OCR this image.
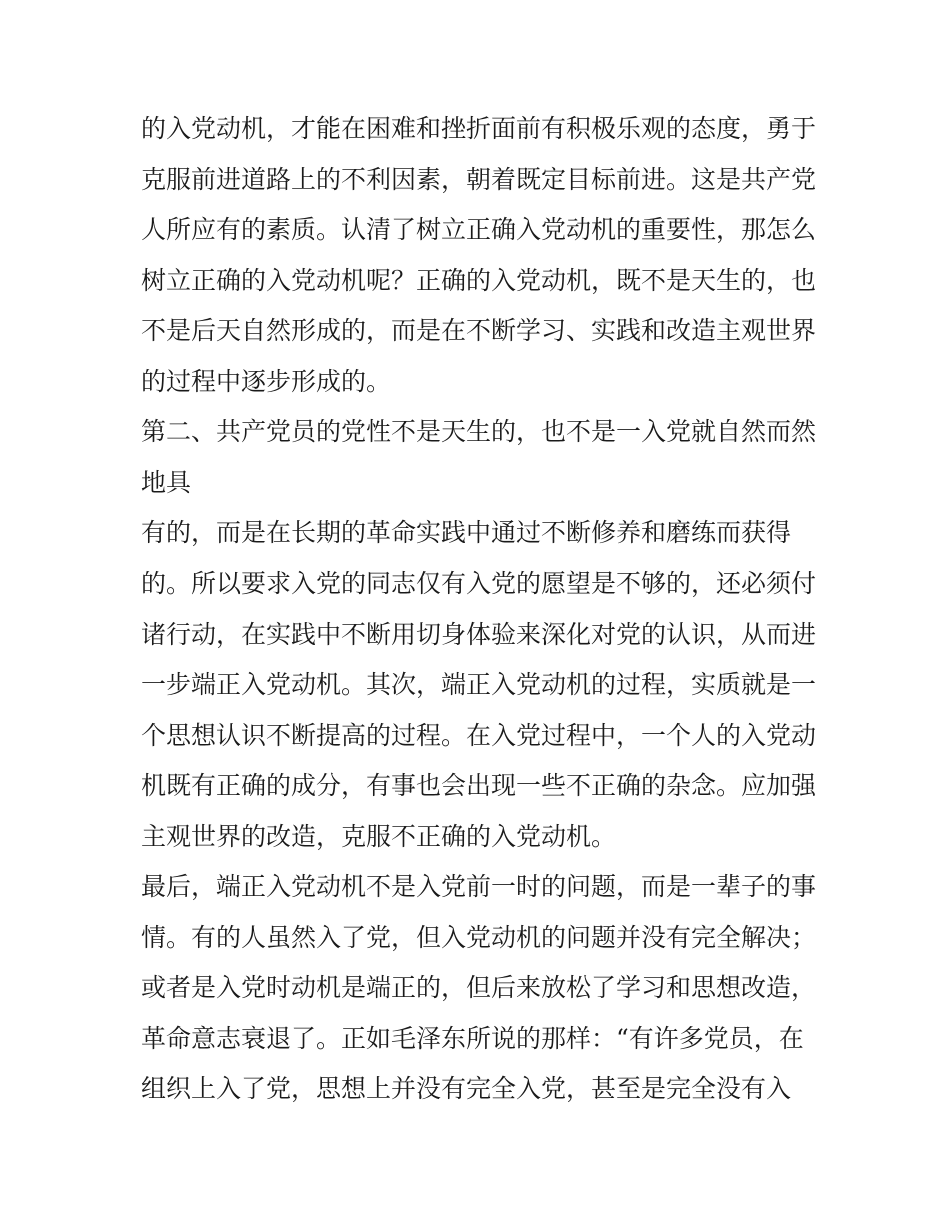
的入党动机，才能在困难和挫折面前有积极乐观的态度，勇于
克服前进道路上的不利因素，朝着既定目标前进。这是共产党
人所应有的素质。认清了树立正确入党动机的重要性，那怎么
树立正确的入党动机呢？正确的入党动机，既不是天生的，也
不是后天自然形成的，而是在不断学习、实践和改造主观世界
的过程中逐步形成的。
第二、共产党员的党性不是天生的，也不是一入党就自然而然
地具
有的，而是在长期的革命实践中通过不断修养和磨练而获得
的。所以要求入党的同志仅有入党的愿望是不够的，还必须付
诸行动，在实践中不断用切身体验来深化对党的认识，从而进
一步端正入党动机。其次，端正入党动机的过程，实质就是一
个思想认识不断提高的过程。在入党过程中，一个人的入党动
机既有正确的成分，有事也会出现一些不正确的杂念。应加强
主观世界的改造，克服不正确的入党动机。
最后，端正入党动机不是入党前一时的问题，而是一辈子的事
情。有的人虽然入了党，但入党动机的问题并没有完全解决；
或者是入党时动机是端正的，但后来放松了学习和思想改造，
革命意志衰退了。正如毛泽东所说的那样：“有许多党员，在
组织上入了党，思想上并没有完全入党，甚至是完全没有入
